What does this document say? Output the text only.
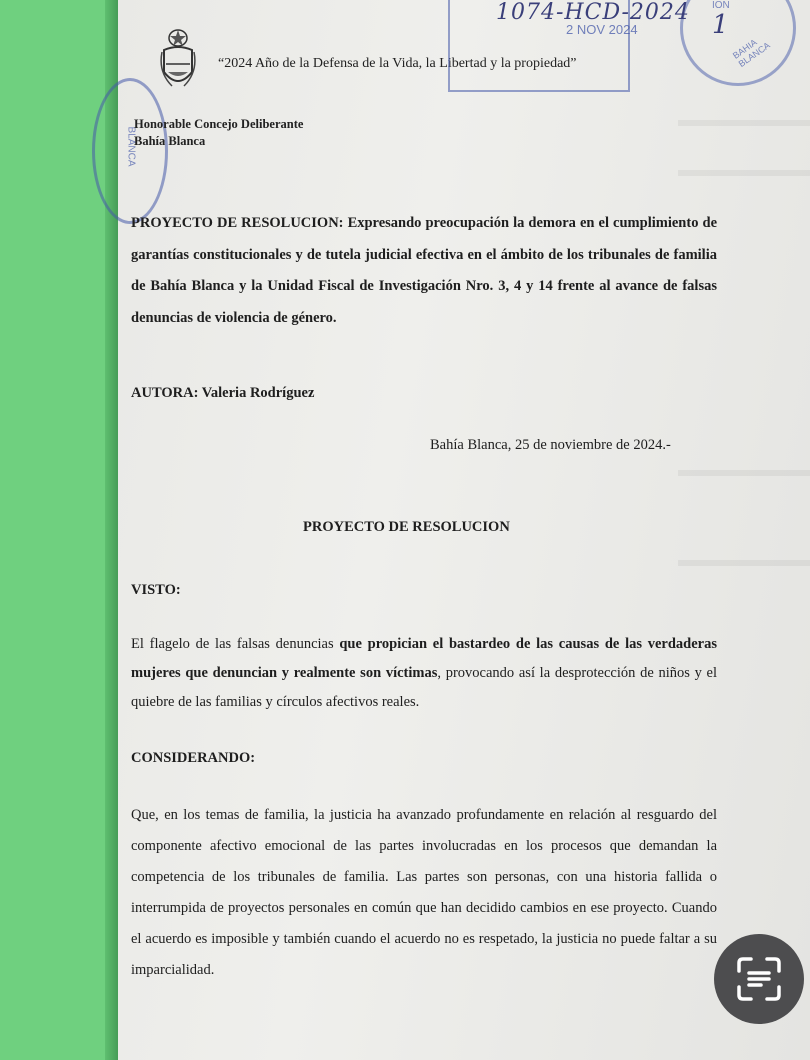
BLANCA
BAHIA BLANCA
“2024 Año de la Defensa de la Vida, la Libertad y la propiedad”
1074-HCD-2024
2 NOV 2024
ION
1
Honorable Concejo Deliberante
Bahía Blanca
PROYECTO DE RESOLUCION: Expresando preocupación la demora en el cumplimiento de garantías constitucionales y de tutela judicial efectiva en el ámbito de los tribunales de familia de Bahía Blanca y la Unidad Fiscal de Investigación Nro. 3, 4 y 14 frente al avance de falsas denuncias de violencia de género.
AUTORA: Valeria Rodríguez
Bahía Blanca, 25 de noviembre de 2024.-
PROYECTO DE RESOLUCION
VISTO:
El flagelo de las falsas denuncias que propician el bastardeo de las causas de las verdaderas mujeres que denuncian y realmente son víctimas, provocando así la desprotección de niños y el quiebre de las familias y círculos afectivos reales.
CONSIDERANDO:
Que, en los temas de familia, la justicia ha avanzado profundamente en relación al resguardo del componente afectivo emocional de las partes involucradas en los procesos que demandan la competencia de los tribunales de familia. Las partes son personas, con una historia fallida o interrumpida de proyectos personales en común que han decidido cambios en ese proyecto. Cuando el acuerdo es imposible y también cuando el acuerdo no es respetado, la justicia no puede faltar a su imparcialidad.
